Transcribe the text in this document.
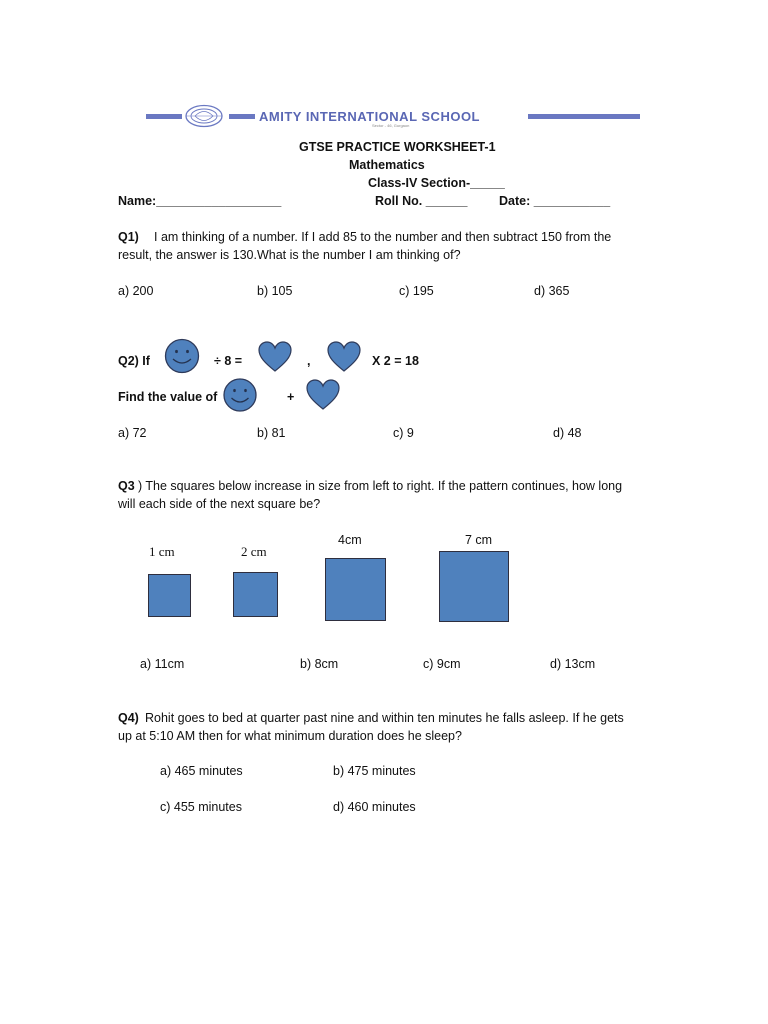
AMITY INTERNATIONAL SCHOOL
Sector - 46, Gurgaon
GTSE PRACTICE WORKSHEET-1
Mathematics
Class-IV Section-_____
Name:__________________	Roll No. ______	Date: ___________
Q1) I am thinking of a number. If I add 85 to the number and then subtract 150 from the
result, the answer is 130.What is the number I am thinking of?
a) 200	b) 105	c) 195	d) 365
Q2) If	÷ 8 =	,	X 2 = 18
Find the value of	+
a) 72	b) 81	c) 9	d) 48
Q3 ) The squares below increase in size from left to right. If the pattern continues, how long
will each side of the next square be?
1 cm	2 cm
4cm	7 cm
a) 11cm	b) 8cm	c) 9cm	d) 13cm
Q4) Rohit goes to bed at quarter past nine and within ten minutes he falls asleep. If he gets
up at 5:10 AM then for what minimum duration does he sleep?
a) 465 minutes	b) 475 minutes
c) 455 minutes	d) 460 minutes
